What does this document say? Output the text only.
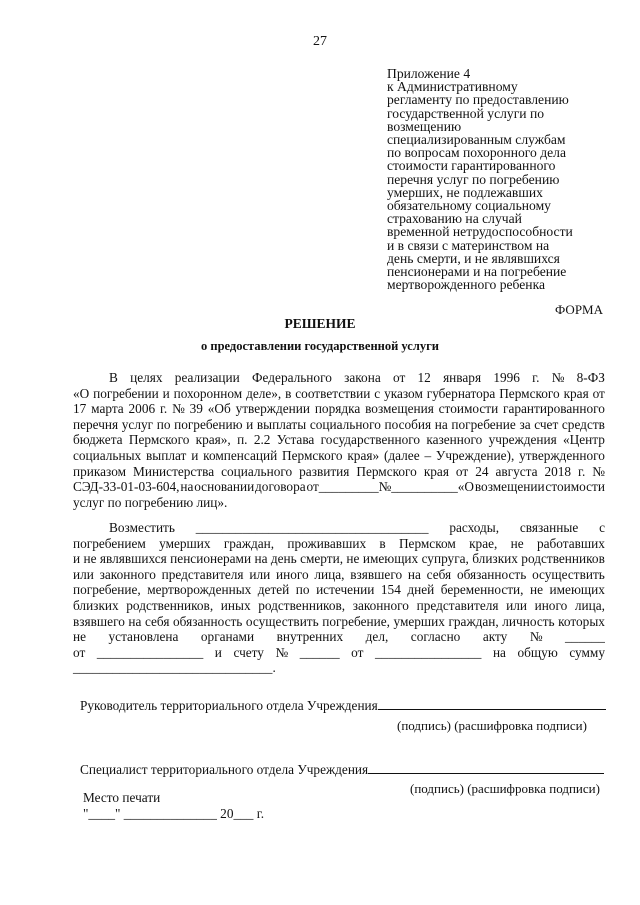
27
Приложение 4
к Административному
регламенту по предоставлению
государственной услуги по
возмещению
специализированным службам
по вопросам похоронного дела
стоимости гарантированного
перечня услуг по погребению
умерших, не подлежавших
обязательному социальному
страхованию на случай
временной нетрудоспособности
и в связи с материнством на
день смерти, и не являвшихся
пенсионерами и на погребение
мертворожденного ребенка
ФОРМА
РЕШЕНИЕ
о предоставлении государственной услуги
В целях реализации Федерального закона от 12 января 1996 г. № 8-ФЗ
«О погребении и похоронном деле», в соответствии с указом губернатора Пермского края от
17 марта 2006 г. № 39 «Об утверждении порядка возмещения стоимости гарантированного
перечня услуг по погребению и выплаты социального пособия на погребение за счет средств
бюджета Пермского края», п. 2.2 Устава государственного казенного учреждения «Центр
социальных выплат и компенсаций Пермского края» (далее – Учреждение), утвержденного
приказом Министерства социального развития Пермского края от 24 августа 2018 г. №
СЭД-33-01-03-604, на основании договора от_________№__________«О возмещении стоимости
услуг по погребению лиц».
Возместить ___________________________________ расходы, связанные с
погребением умерших граждан, проживавших в Пермском крае, не работавших
и не являвшихся пенсионерами на день смерти, не имеющих супруга, близких родственников
или законного представителя или иного лица, взявшего на себя обязанность осуществить
погребение, мертворожденных детей по истечении 154 дней беременности, не имеющих
близких родственников, иных родственников, законного представителя или иного лица,
взявшего на себя обязанность осуществить погребение, умерших граждан, личность которых
не установлена органами внутренних дел, согласно акту № ______
от ________________ и счету № ______ от ________________ на общую сумму
______________________________.
Руководитель территориального отдела Учреждения
(подпись) (расшифровка подписи)
Специалист территориального отдела Учреждения
(подпись) (расшифровка подписи)
Место печати
"____" ______________ 20___ г.
